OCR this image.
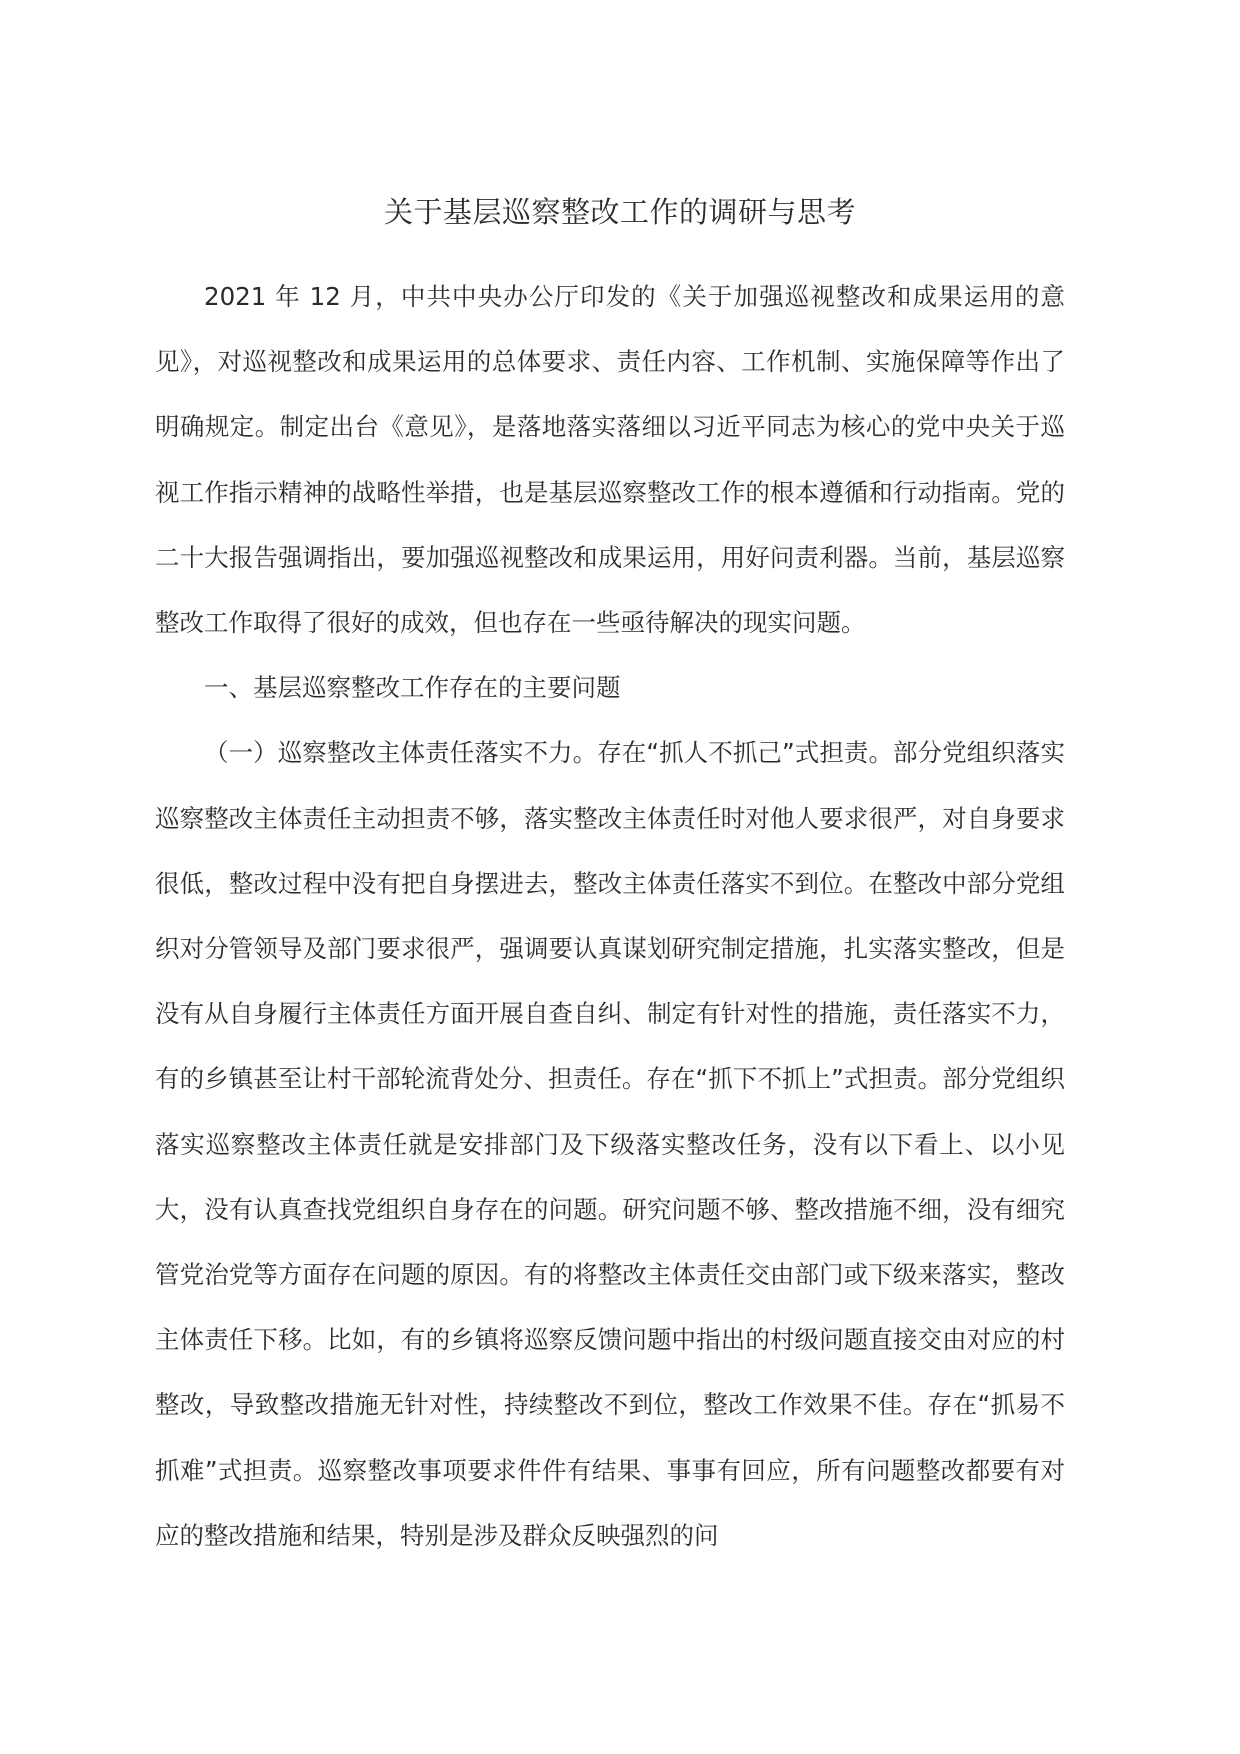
关于基层巡察整改工作的调研与思考

2021 年 12 月，中共中央办公厅印发的《关于加强巡视整改和成果运用的意见》，对巡视整改和成果运用的总体要求、责任内容、工作机制、实施保障等作出了明确规定。制定出台《意见》，是落地落实落细以习近平同志为核心的党中央关于巡视工作指示精神的战略性举措，也是基层巡察整改工作的根本遵循和行动指南。党的二十大报告强调指出，要加强巡视整改和成果运用，用好问责利器。当前，基层巡察整改工作取得了很好的成效，但也存在一些亟待解决的现实问题。

一、基层巡察整改工作存在的主要问题

（一）巡察整改主体责任落实不力。存在“抓人不抓己”式担责。部分党组织落实巡察整改主体责任主动担责不够，落实整改主体责任时对他人要求很严，对自身要求很低，整改过程中没有把自身摆进去，整改主体责任落实不到位。在整改中部分党组织对分管领导及部门要求很严，强调要认真谋划研究制定措施，扎实落实整改，但是没有从自身履行主体责任方面开展自查自纠、制定有针对性的措施，责任落实不力，有的乡镇甚至让村干部轮流背处分、担责任。存在“抓下不抓上”式担责。部分党组织落实巡察整改主体责任就是安排部门及下级落实整改任务，没有以下看上、以小见大，没有认真查找党组织自身存在的问题。研究问题不够、整改措施不细，没有细究管党治党等方面存在问题的原因。有的将整改主体责任交由部门或下级来落实，整改主体责任下移。比如，有的乡镇将巡察反馈问题中指出的村级问题直接交由对应的村整改，导致整改措施无针对性，持续整改不到位，整改工作效果不佳。存在“抓易不抓难”式担责。巡察整改事项要求件件有结果、事事有回应，所有问题整改都要有对应的整改措施和结果，特别是涉及群众反映强烈的问
